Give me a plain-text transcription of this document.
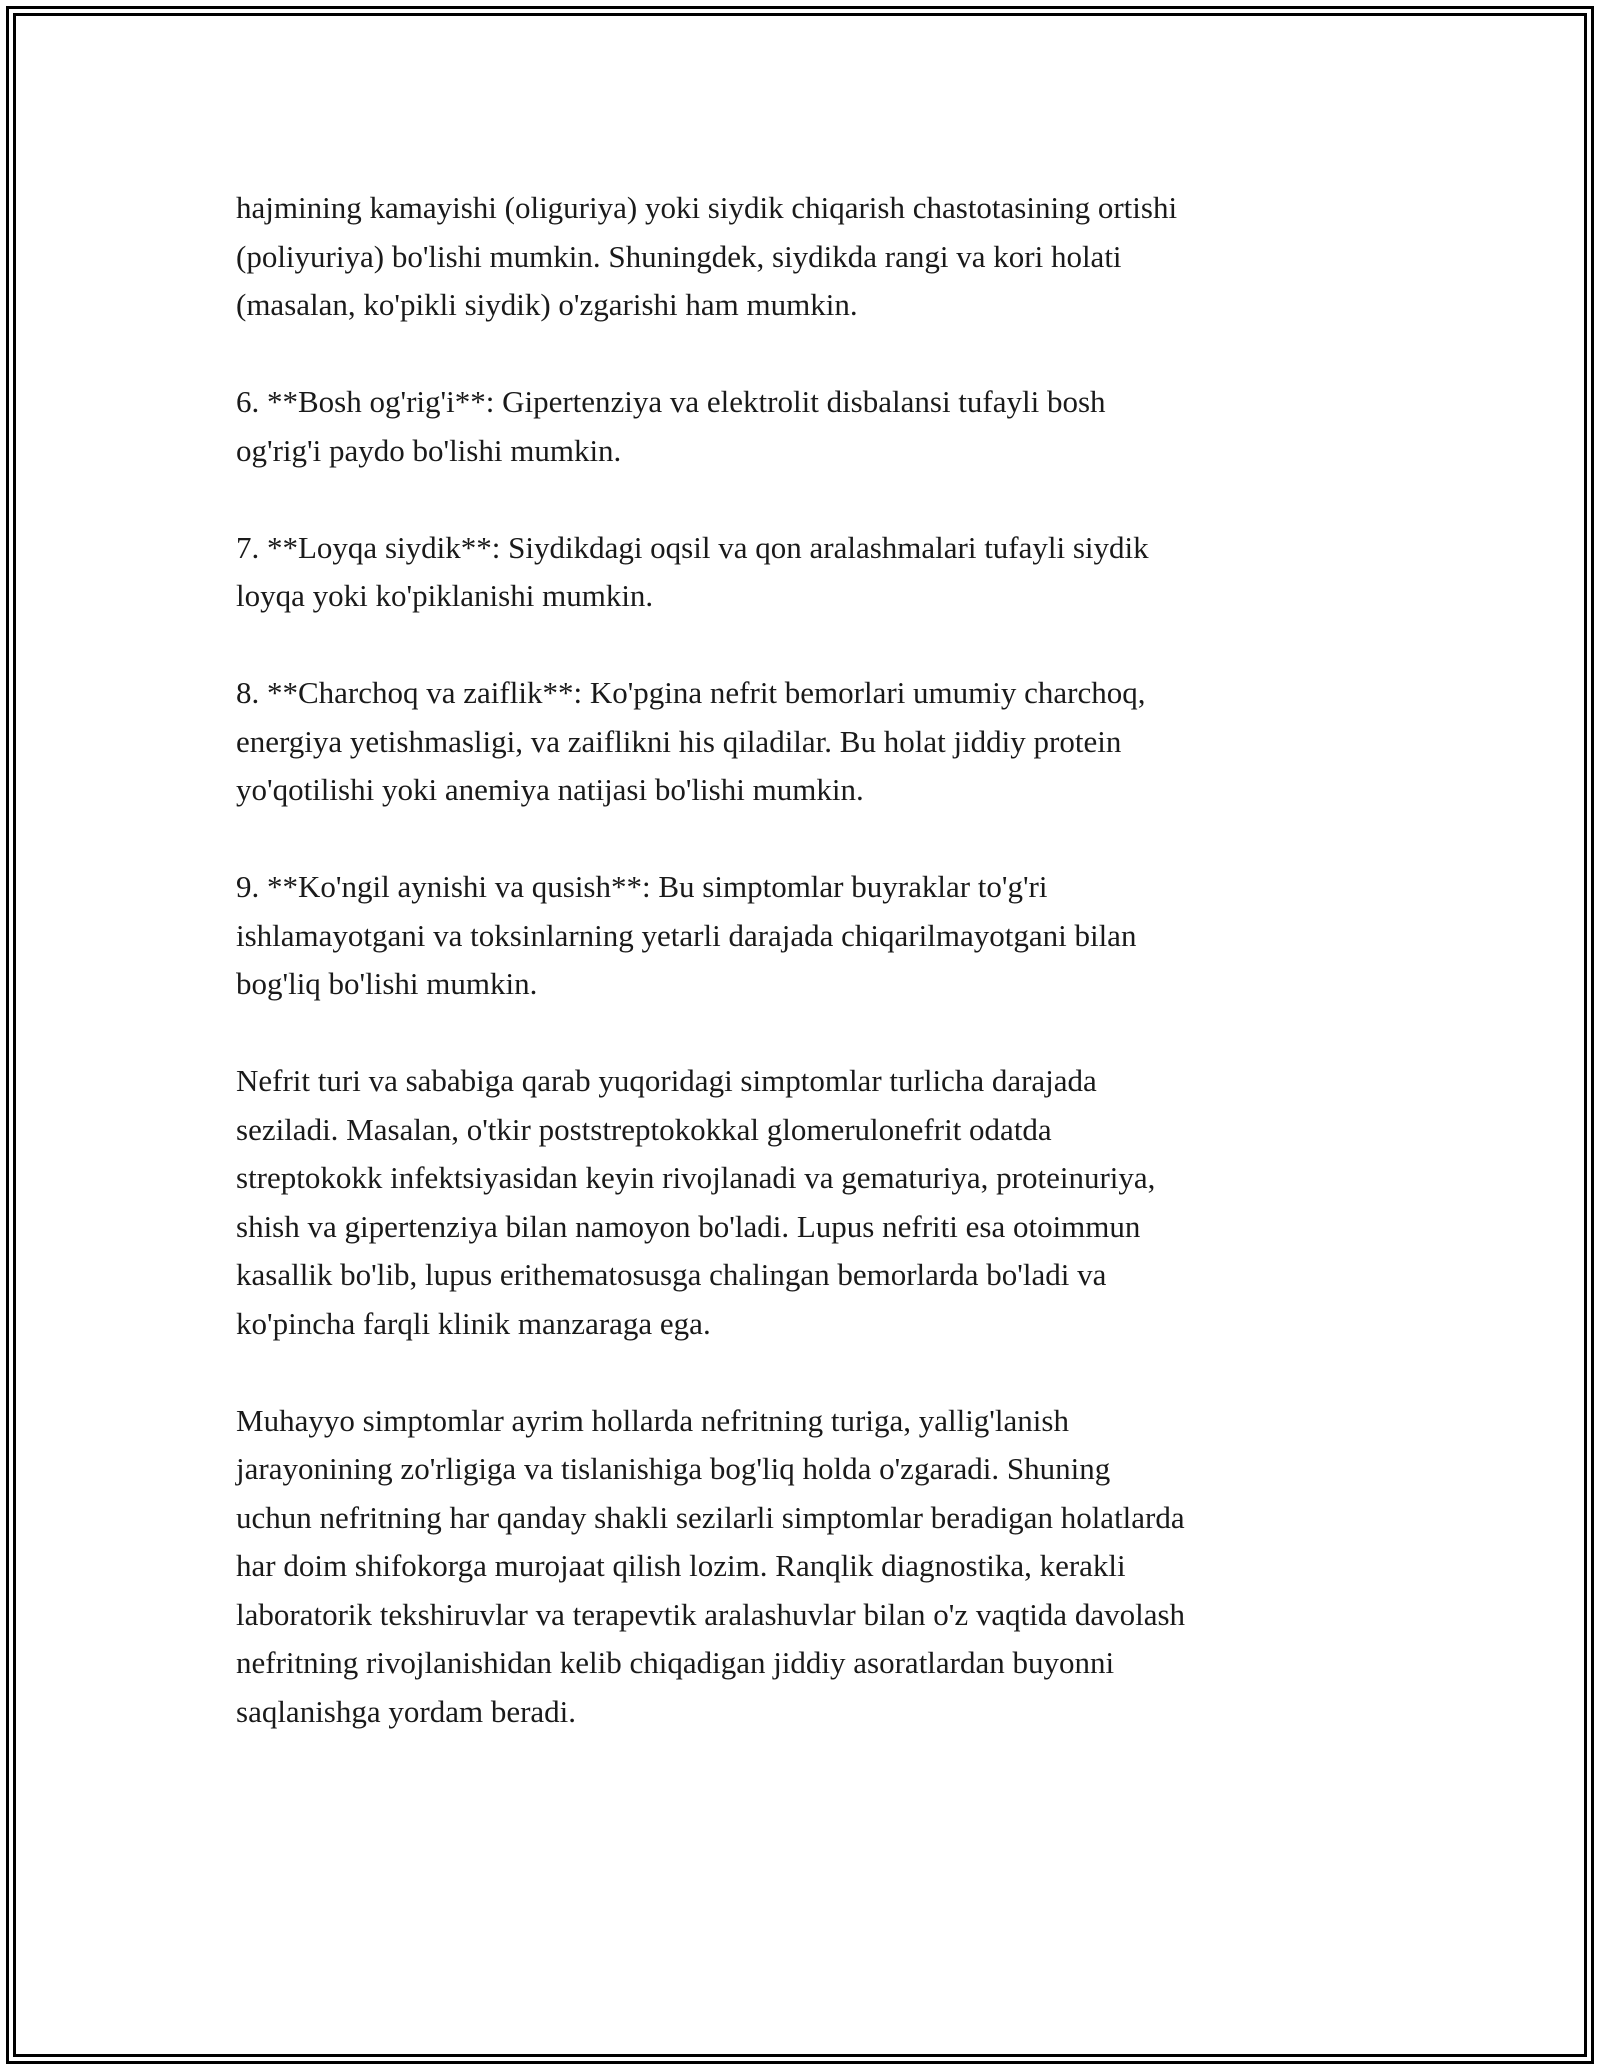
hajmining kamayishi (oliguriya) yoki siydik chiqarish chastotasining ortishi
(poliyuriya) bo'lishi mumkin. Shuningdek, siydikda rangi va kori holati
(masalan, ko'pikli siydik) o'zgarishi ham mumkin.

6. **Bosh og'rig'i**: Gipertenziya va elektrolit disbalansi tufayli bosh
og'rig'i paydo bo'lishi mumkin.

7. **Loyqa siydik**: Siydikdagi oqsil va qon aralashmalari tufayli siydik
loyqa yoki ko'piklanishi mumkin.

8. **Charchoq va zaiflik**: Ko'pgina nefrit bemorlari umumiy charchoq,
energiya yetishmasligi, va zaiflikni his qiladilar. Bu holat jiddiy protein
yo'qotilishi yoki anemiya natijasi bo'lishi mumkin.

9. **Ko'ngil aynishi va qusish**: Bu simptomlar buyraklar to'g'ri
ishlamayotgani va toksinlarning yetarli darajada chiqarilmayotgani bilan
bog'liq bo'lishi mumkin.

Nefrit turi va sababiga qarab yuqoridagi simptomlar turlicha darajada
seziladi. Masalan, o'tkir poststreptokokkal glomerulonefrit odatda
streptokokk infektsiyasidan keyin rivojlanadi va gematuriya, proteinuriya,
shish va gipertenziya bilan namoyon bo'ladi. Lupus nefriti esa otoimmun
kasallik bo'lib, lupus erithematosusga chalingan bemorlarda bo'ladi va
ko'pincha farqli klinik manzaraga ega.

Muhayyo simptomlar ayrim hollarda nefritning turiga, yallig'lanish
jarayonining zo'rligiga va tislanishiga bog'liq holda o'zgaradi. Shuning
uchun nefritning har qanday shakli sezilarli simptomlar beradigan holatlarda
har doim shifokorga murojaat qilish lozim. Ranqlik diagnostika, kerakli
laboratorik tekshiruvlar va terapevtik aralashuvlar bilan o'z vaqtida davolash
nefritning rivojlanishidan kelib chiqadigan jiddiy asoratlardan buyonni
saqlanishga yordam beradi.
